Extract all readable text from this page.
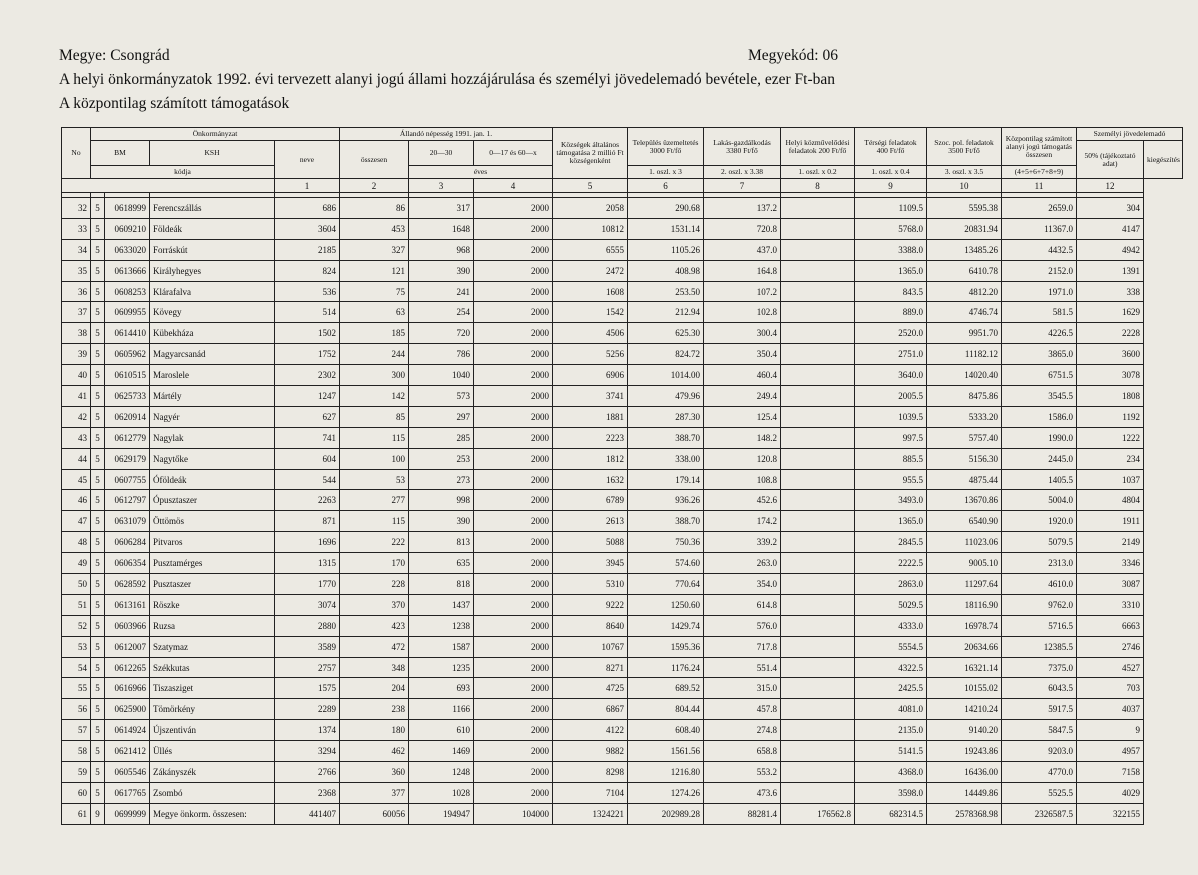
Megye: Csongrád	Megyekód: 06
A helyi önkormányzatok 1992. évi tervezett alanyi jogú állami hozzájárulása és személyi jövedelemadó bevétele, ezer Ft-ban
A központilag számított támogatások
No	Önkormányzat				Állandó népesség 1991. jan. 1.			Községek általános támogatása 2 millió Ft községenként	Település üzemeltetés 3000 Ft/fő	Lakás-gazdálkodás 3380 Ft/fő	Helyi közművelődési feladatok 200 Ft/fő	Térségi feladatok 400 Ft/fő	Szoc. pol. feladatok 3500 Ft/fő	Központilag számított alanyi jogú támogatás összesen	Személyi jövedelemadó	
	BM		KSH	neve	összesen	20—30	0—17 és 60—x								50% (tájékoztató adat)	kiegészítés
	kódja					éves			1. oszl. x 3	2. oszl. x 3.38	1. oszl. x 0.2	1. oszl. x 0.4	3. oszl. x 3.5	(4+5+6+7+8+9)		
				1	2	3	4	5	6	7	8	9	10	11	12	

32	5	0618999	Ferencszállás	686	86	317	2000	2058	290.68	137.2		1109.5	5595.38	2659.0	304	
33	5	0609210	Földeák	3604	453	1648	2000	10812	1531.14	720.8		5768.0	20831.94	11367.0	4147	
34	5	0633020	Forráskút	2185	327	968	2000	6555	1105.26	437.0		3388.0	13485.26	4432.5	4942	
35	5	0613666	Királyhegyes	824	121	390	2000	2472	408.98	164.8		1365.0	6410.78	2152.0	1391	
36	5	0608253	Klárafalva	536	75	241	2000	1608	253.50	107.2		843.5	4812.20	1971.0	338	
37	5	0609955	Kövegy	514	63	254	2000	1542	212.94	102.8		889.0	4746.74	581.5	1629	
38	5	0614410	Kübekháza	1502	185	720	2000	4506	625.30	300.4		2520.0	9951.70	4226.5	2228	
39	5	0605962	Magyarcsanád	1752	244	786	2000	5256	824.72	350.4		2751.0	11182.12	3865.0	3600	
40	5	0610515	Maroslele	2302	300	1040	2000	6906	1014.00	460.4		3640.0	14020.40	6751.5	3078	
41	5	0625733	Mártély	1247	142	573	2000	3741	479.96	249.4		2005.5	8475.86	3545.5	1808	
42	5	0620914	Nagyér	627	85	297	2000	1881	287.30	125.4		1039.5	5333.20	1586.0	1192	
43	5	0612779	Nagylak	741	115	285	2000	2223	388.70	148.2		997.5	5757.40	1990.0	1222	
44	5	0629179	Nagytőke	604	100	253	2000	1812	338.00	120.8		885.5	5156.30	2445.0	234	
45	5	0607755	Óföldeák	544	53	273	2000	1632	179.14	108.8		955.5	4875.44	1405.5	1037	
46	5	0612797	Ópusztaszer	2263	277	998	2000	6789	936.26	452.6		3493.0	13670.86	5004.0	4804	
47	5	0631079	Öttömös	871	115	390	2000	2613	388.70	174.2		1365.0	6540.90	1920.0	1911	
48	5	0606284	Pitvaros	1696	222	813	2000	5088	750.36	339.2		2845.5	11023.06	5079.5	2149	
49	5	0606354	Pusztamérges	1315	170	635	2000	3945	574.60	263.0		2222.5	9005.10	2313.0	3346	
50	5	0628592	Pusztaszer	1770	228	818	2000	5310	770.64	354.0		2863.0	11297.64	4610.0	3087	
51	5	0613161	Röszke	3074	370	1437	2000	9222	1250.60	614.8		5029.5	18116.90	9762.0	3310	
52	5	0603966	Ruzsa	2880	423	1238	2000	8640	1429.74	576.0		4333.0	16978.74	5716.5	6663	
53	5	0612007	Szatymaz	3589	472	1587	2000	10767	1595.36	717.8		5554.5	20634.66	12385.5	2746	
54	5	0612265	Székkutas	2757	348	1235	2000	8271	1176.24	551.4		4322.5	16321.14	7375.0	4527	
55	5	0616966	Tiszasziget	1575	204	693	2000	4725	689.52	315.0		2425.5	10155.02	6043.5	703	
56	5	0625900	Tömörkény	2289	238	1166	2000	6867	804.44	457.8		4081.0	14210.24	5917.5	4037	
57	5	0614924	Újszentiván	1374	180	610	2000	4122	608.40	274.8		2135.0	9140.20	5847.5	9	
58	5	0621412	Üllés	3294	462	1469	2000	9882	1561.56	658.8		5141.5	19243.86	9203.0	4957	
59	5	0605546	Zákányszék	2766	360	1248	2000	8298	1216.80	553.2		4368.0	16436.00	4770.0	7158	
60	5	0617765	Zsombó	2368	377	1028	2000	7104	1274.26	473.6		3598.0	14449.86	5525.5	4029	
61	9	0699999	Megye önkorm. összesen:	441407	60056	194947	104000	1324221	202989.28	88281.4	176562.8	682314.5	2578368.98	2326587.5	322155	
